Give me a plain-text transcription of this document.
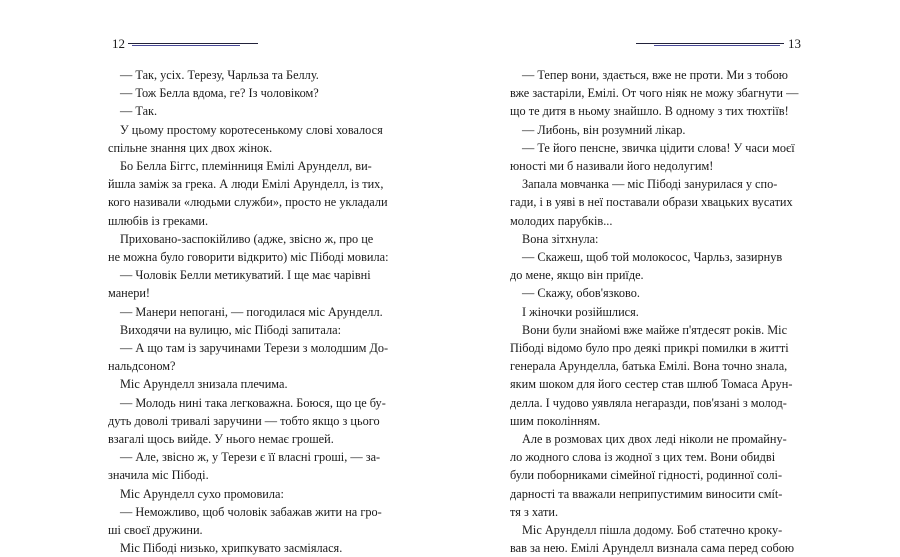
12

— Так, усіх. Терезу, Чарльза та Беллу.

— Тож Белла вдома, ге? Із чоловіком?

— Так.

У цьому простому коротесенькому слові ховалося

спільне знання цих двох жінок.

Бо Белла Біггс, племінниця Емілі Арунделл, ви-

йшла заміж за грека. А люди Емілі Арунделл, із тих,

кого називали «людьми служби», просто не укладали

шлюбів із греками.

Приховано-заспокійливо (адже, звісно ж, про це

не можна було говорити відкрито) міс Пібоді мовила:

— Чоловік Белли метикуватий. І ще має чарівні

манери!

— Манери непогані, — погодилася міс Арунделл.

Виходячи на вулицю, міс Пібоді запитала:

— А що там із заручинами Терези з молодшим До-

нальдсоном?

Міс Арунделл знизала плечима.

— Молодь нині така легковажна. Боюся, що це бу-

дуть доволі тривалі заручини — тобто якщо з цього

взагалі щось вийде. У нього немає грошей.

— Але, звісно ж, у Терези є її власні гроші, — за-

значила міс Пібоді.

Міс Арунделл сухо промовила:

— Неможливо, щоб чоловік забажав жити на гро-

ші своєї дружини.

Міс Пібоді низько, хрипкувато засміялася.

13

— Тепер вони, здається, вже не проти. Ми з тобою

вже застаріли, Емілі. От чого ніяк не можу збагнути —

що те дитя в ньому знайшло. В одному з тих тюхтіїв!

— Либонь, він розумний лікар.

— Те його пенсне, звичка цідити слова! У часи моєї

юності ми б називали його недолугим!

Запала мовчанка — міс Пібоді занурилася у спо-

гади, і в уяві в неї поставали образи хвацьких вусатих

молодих парубків...

Вона зітхнула:

— Скажеш, щоб той молокосос, Чарльз, зазирнув

до мене, якщо він приїде.

— Скажу, обов'язково.

І жіночки розійшлися.

Вони були знайомі вже майже п'ятдесят років. Міс

Пібоді відомо було про деякі прикрі помилки в житті

генерала Арунделла, батька Емілі. Вона точно знала,

яким шоком для його сестер став шлюб Томаса Арун-

делла. І чудово уявляла негаразди, пов'язані з молод-

шим поколінням.

Але в розмовах цих двох леді ніколи не промайну-

ло жодного слова із жодної з цих тем. Вони обидві

були поборниками сімейної гідності, родинної солі-

дарності та вважали неприпустимим виносити смít-

тя з хати.

Міс Арунделл пішла додому. Боб статечно кроку-

вав за нею. Емілі Арунделл визнала сама перед собою
